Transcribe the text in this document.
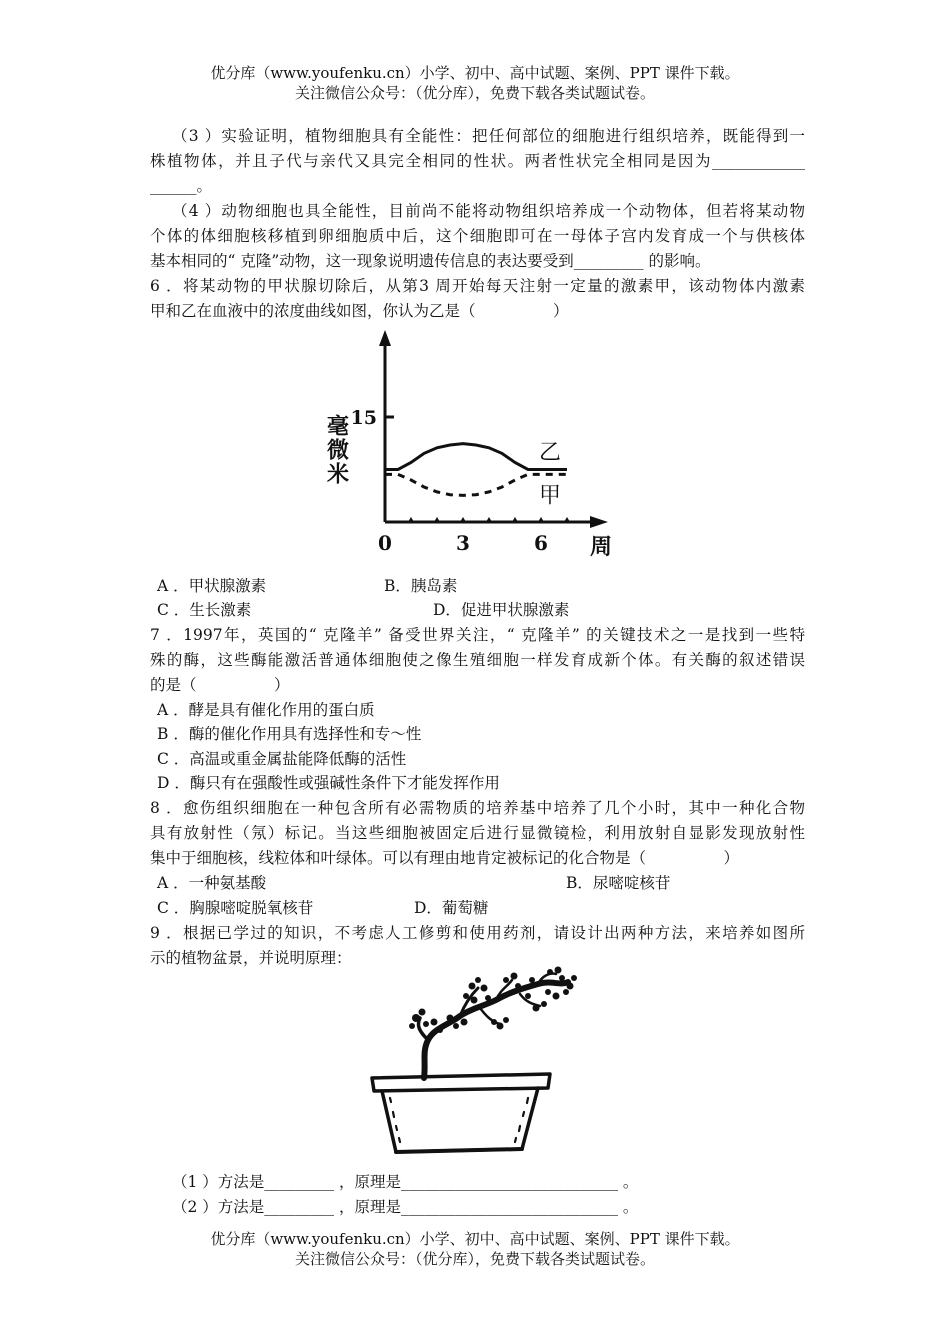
优分库（www.youfenku.cn）小学、初中、高中试题、案例、PPT 课件下载。
关注微信公众号：（优分库），免费下载各类试题试卷。
（3 ）实验证明，植物细胞具有全能性：把任何部位的细胞进行组织培养，既能得到一
株植物体，并且子代与亲代又具完全相同的性状。两者性状完全相同是因为____________
______。
（4 ）动物细胞也具全能性，目前尚不能将动物组织培养成一个动物体，但若将某动物
个体的体细胞核移植到卵细胞质中后，这个细胞即可在一母体子宫内发育成一个与供核体
基本相同的“ 克隆”动物，这一现象说明遗传信息的表达要受到_________ 的影响。
6 ．将某动物的甲状腺切除后，从第3 周开始每天注射一定量的激素甲，该动物体内激素
甲和乙在血液中的浓度曲线如图，你认为乙是（　　　　　）
0	3	6
15
周
毫微米	乙
甲
A ．甲状腺激素	B．胰岛素
C ．生长激素	D．促进甲状腺激素
7 ．1997年，英国的“ 克隆羊” 备受世界关注，“ 克隆羊” 的关键技术之一是找到一些特
殊的酶，这些酶能激活普通体细胞使之像生殖细胞一样发育成新个体。有关酶的叙述错误
的是（　　　　　）
A ．酵是具有催化作用的蛋白质
B ．酶的催化作用具有选择性和专～性
C ．高温或重金属盐能降低酶的活性
D ．酶只有在强酸性或强碱性条件下才能发挥作用
8 ．愈伤组织细胞在一种包含所有必需物质的培养基中培养了几个小时，其中一种化合物
具有放射性（氖）标记。当这些细胞被固定后进行显微镜检，利用放射自显影发现放射性
集中于细胞核，线粒体和叶绿体。可以有理由地肯定被标记的化合物是（　　　　　）
A ．一种氨基酸	B．尿嘧啶核苷
C ．胸腺嘧啶脱氧核苷	D．葡萄糖
9 ．根据已学过的知识，不考虑人工修剪和使用药剂，请设计出两种方法，来培养如图所
示的植物盆景，并说明原理：
（1 ）方法是_________ ，原理是____________________________ 。
（2 ）方法是_________ ，原理是____________________________ 。
优分库（www.youfenku.cn）小学、初中、高中试题、案例、PPT 课件下载。
关注微信公众号：（优分库），免费下载各类试题试卷。
